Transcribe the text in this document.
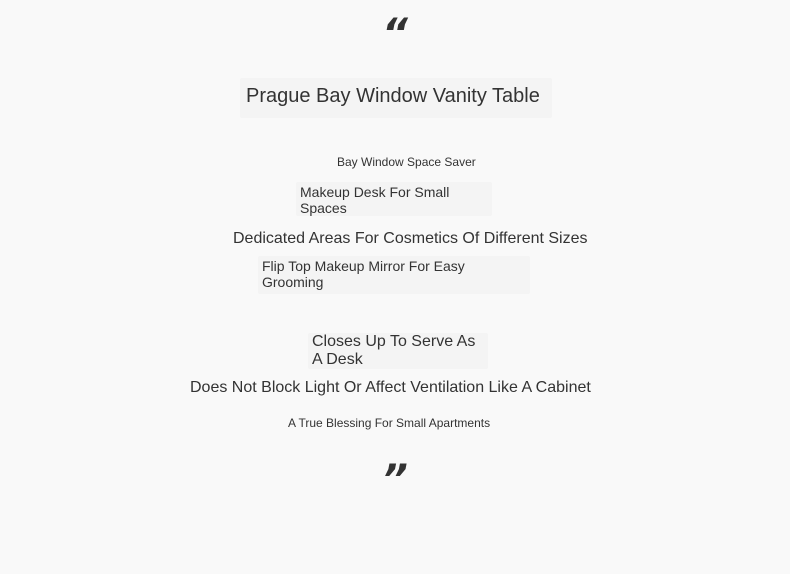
“
Prague Bay Window Vanity Table
Bay Window Space Saver
Makeup Desk For Small Spaces
Dedicated Areas For Cosmetics Of Different Sizes
Flip Top Makeup Mirror For Easy Grooming
Closes Up To Serve As A Desk
Does Not Block Light Or Affect Ventilation Like A Cabinet
A True Blessing For Small Apartments
”
